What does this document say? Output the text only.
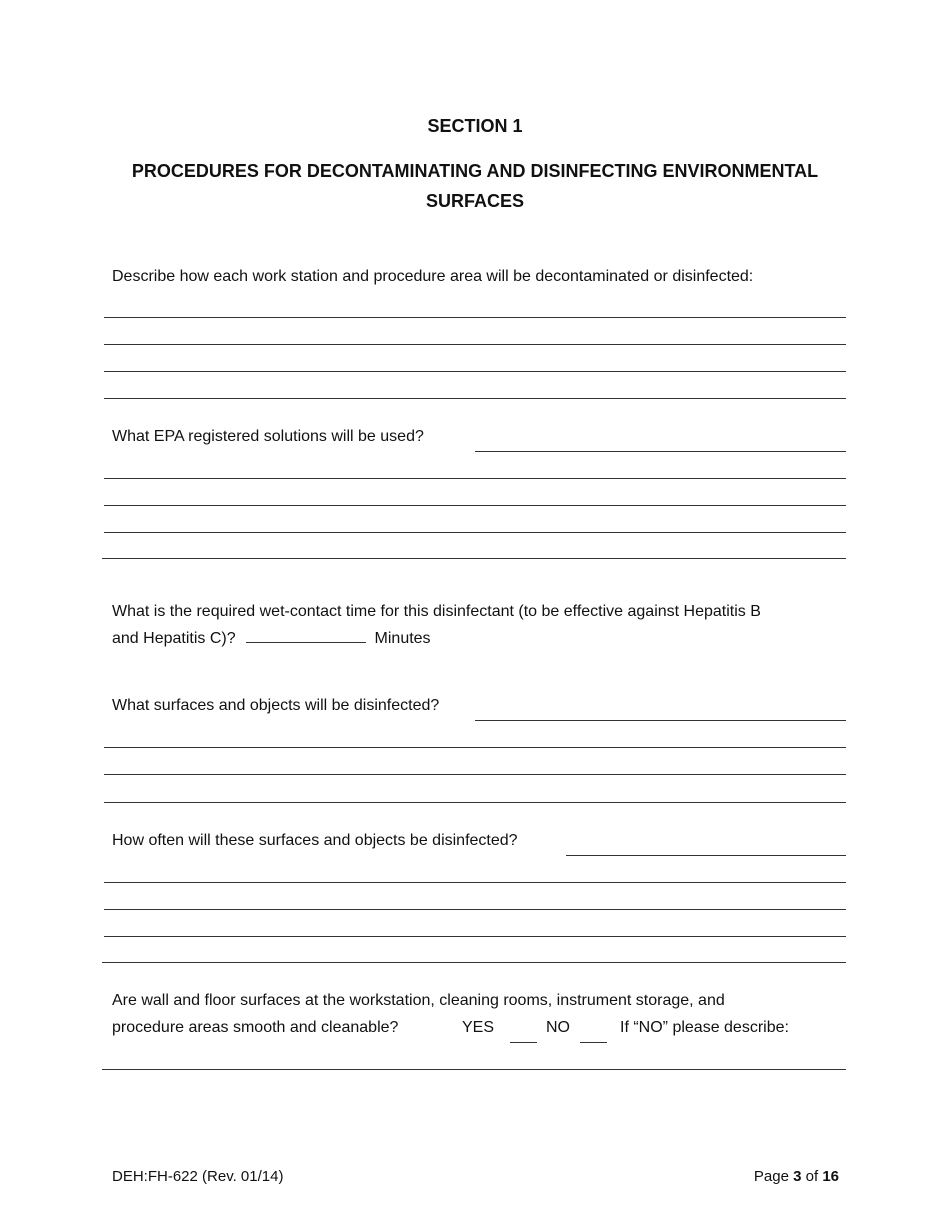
SECTION 1
PROCEDURES FOR DECONTAMINATING AND DISINFECTING ENVIRONMENTAL
SURFACES
Describe how each work station and procedure area will be decontaminated or disinfected:
What EPA registered solutions will be used?
What is the required wet-contact time for this disinfectant (to be effective against Hepatitis B
and Hepatitis C)?	Minutes
What surfaces and objects will be disinfected?
How often will these surfaces and objects be disinfected?
Are wall and floor surfaces at the workstation, cleaning rooms, instrument storage, and
procedure areas smooth and cleanable?	YES	NO	If “NO” please describe:
DEH:FH-622 (Rev. 01/14)	Page 3 of 16
